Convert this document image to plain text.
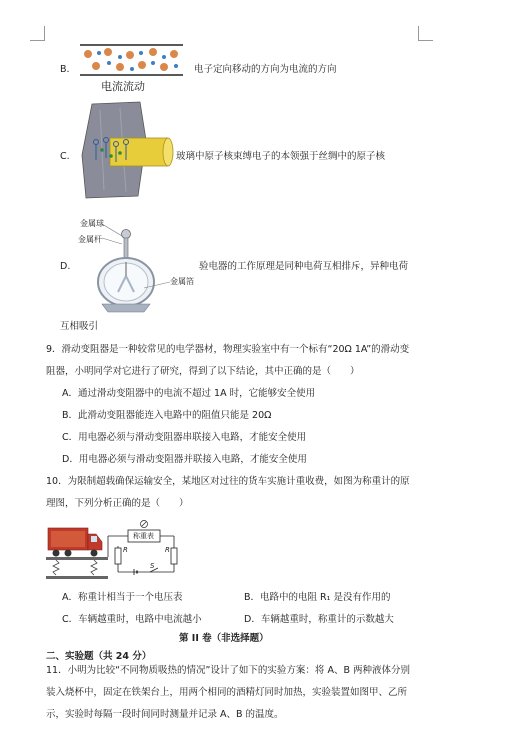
B.
电流流动
电子定向移动的方向为电流的方向
C.	玻璃中原子核束缚电子的本领强于丝绸中的原子核
D.
金属球
金属杆
金属箔
验电器的工作原理是同种电荷互相排斥，异种电荷
互相吸引
9．滑动变阻器是一种较常见的电学器材，物理实验室中有一个标有“20Ω 1A”的滑动变
阻器，小明同学对它进行了研究，得到了以下结论，其中正确的是（　　）
A．通过滑动变阻器中的电流不超过 1A 时，它能够安全使用
B．此滑动变阻器能连入电路中的阻值只能是 20Ω
C．用电器必须与滑动变阻器串联接入电路，才能安全使用
D．用电器必须与滑动变阻器并联接入电路，才能安全使用
10．为限制超载确保运输安全，某地区对过往的货车实施计重收费，如图为称重计的原
理图，下列分析正确的是（　　）
称重表
R	R
S
A．称重计相当于一个电压表	B．电路中的电阻 R₁ 是没有作用的
C．车辆越重时，电路中电流越小	D．车辆越重时，称重计的示数越大
第 II 卷（非选择题）
二、实验题（共 24 分）
11．小明为比较“不同物质吸热的情况”设计了如下的实验方案：将 A、B 两种液体分别
装入烧杯中，固定在铁架台上，用两个相同的酒精灯同时加热，实验装置如图甲、乙所
示，实验时每隔一段时间同时测量并记录 A、B 的温度。
